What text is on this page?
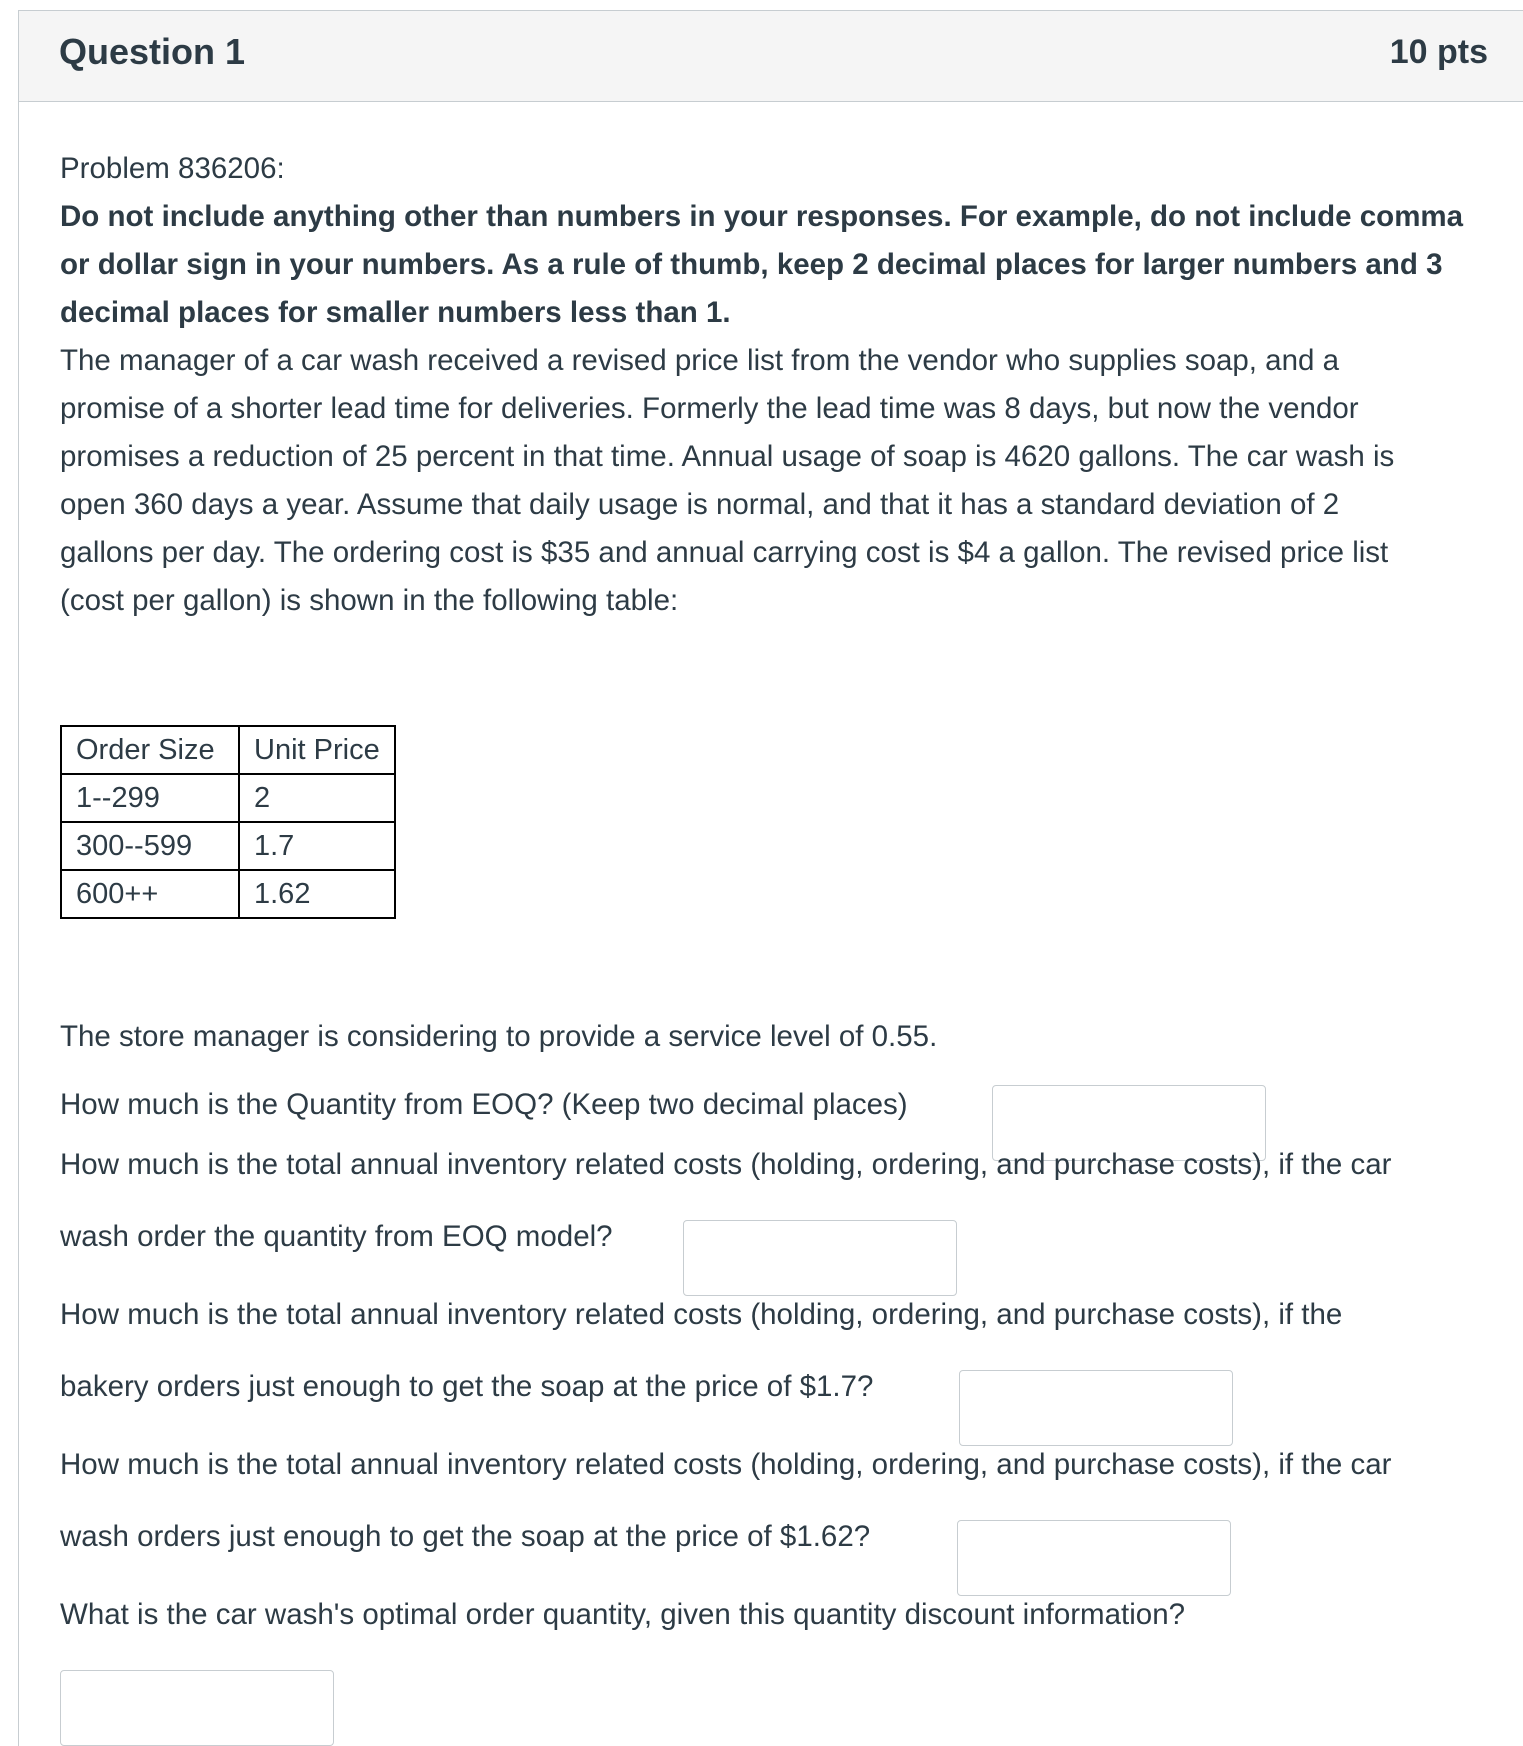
Question 1	10 pts

Problem 836206:

Do not include anything other than numbers in your responses. For example, do not include comma

or dollar sign in your numbers. As a rule of thumb, keep 2 decimal places for larger numbers and 3

decimal places for smaller numbers less than 1.

The manager of a car wash received a revised price list from the vendor who supplies soap, and a

promise of a shorter lead time for deliveries. Formerly the lead time was 8 days, but now the vendor

promises a reduction of 25 percent in that time. Annual usage of soap is 4620 gallons. The car wash is

open 360 days a year. Assume that daily usage is normal, and that it has a standard deviation of 2

gallons per day. The ordering cost is $35 and annual carrying cost is $4 a gallon. The revised price list

(cost per gallon) is shown in the following table:

Order Size	Unit Price
1--299	2
300--599	1.7
600++	1.62
The store manager is considering to provide a service level of 0.55.
How much is the Quantity from EOQ? (Keep two decimal places)
How much is the total annual inventory related costs (holding, ordering, and purchase costs), if the car
wash order the quantity from EOQ model?
How much is the total annual inventory related costs (holding, ordering, and purchase costs), if the
bakery orders just enough to get the soap at the price of $1.7?
How much is the total annual inventory related costs (holding, ordering, and purchase costs), if the car
wash orders just enough to get the soap at the price of $1.62?
What is the car wash's optimal order quantity, given this quantity discount information?
